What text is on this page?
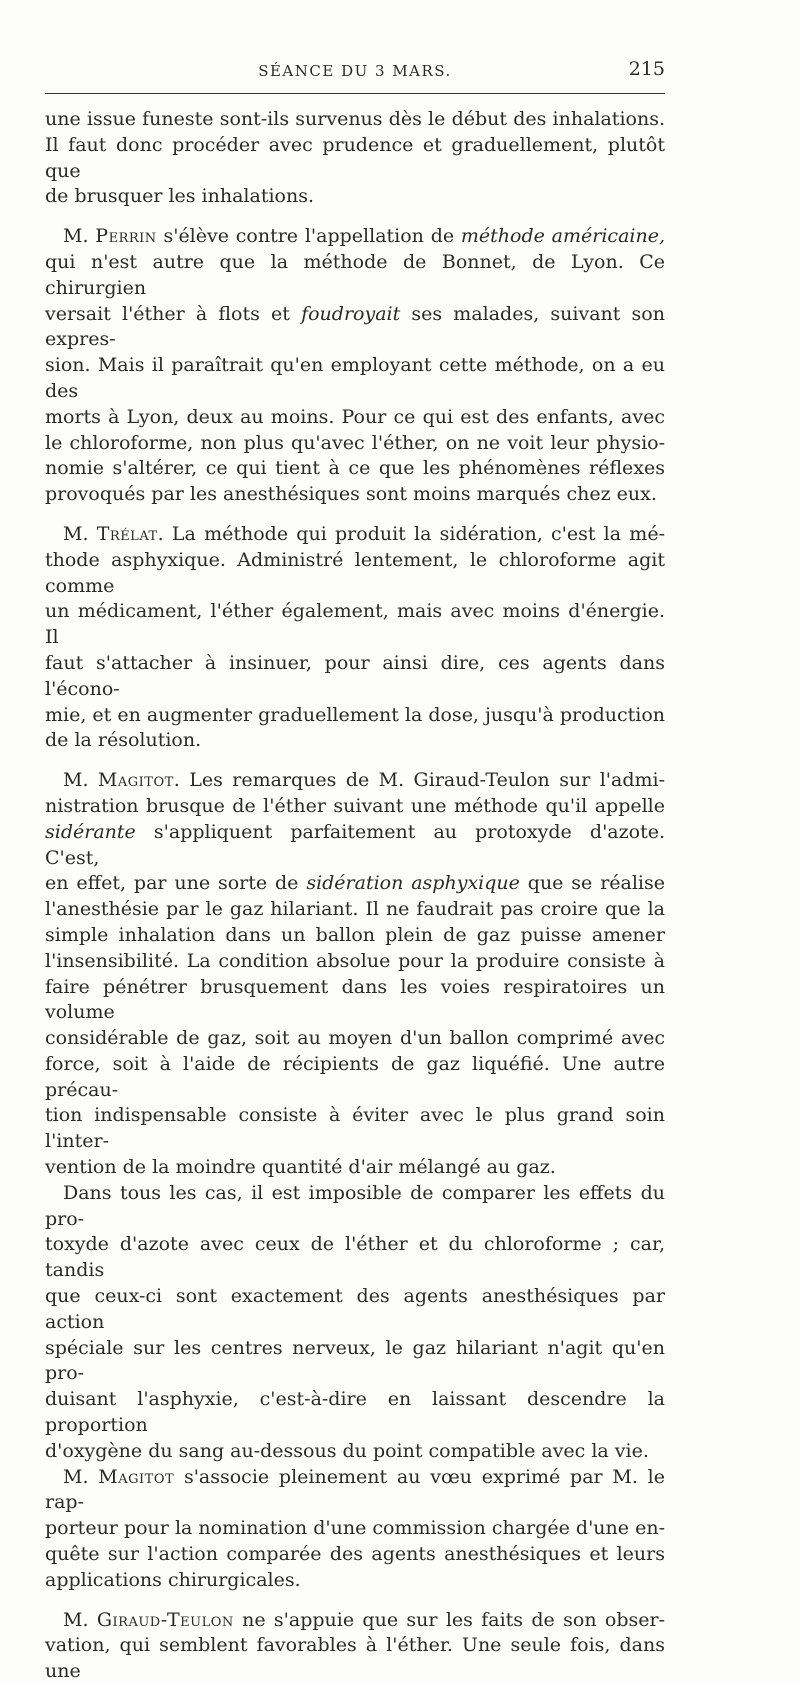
SÉANCE DU 3 MARS.	215

une issue funeste sont-ils survenus dès le début des inhalations.

Il faut donc procéder avec prudence et graduellement, plutôt que

de brusquer les inhalations.

M. Perrin s'élève contre l'appellation de méthode américaine,

qui n'est autre que la méthode de Bonnet, de Lyon. Ce chirurgien

versait l'éther à flots et foudroyait ses malades, suivant son expres-

sion. Mais il paraîtrait qu'en employant cette méthode, on a eu des

morts à Lyon, deux au moins. Pour ce qui est des enfants, avec

le chloroforme, non plus qu'avec l'éther, on ne voit leur physio-

nomie s'altérer, ce qui tient à ce que les phénomènes réflexes

provoqués par les anesthésiques sont moins marqués chez eux.

M. Trélat. La méthode qui produit la sidération, c'est la mé-

thode asphyxique. Administré lentement, le chloroforme agit comme

un médicament, l'éther également, mais avec moins d'énergie. Il

faut s'attacher à insinuer, pour ainsi dire, ces agents dans l'écono-

mie, et en augmenter graduellement la dose, jusqu'à production

de la résolution.

M. Magitot. Les remarques de M. Giraud-Teulon sur l'admi-

nistration brusque de l'éther suivant une méthode qu'il appelle

sidérante s'appliquent parfaitement au protoxyde d'azote. C'est,

en effet, par une sorte de sidération asphyxique que se réalise

l'anesthésie par le gaz hilariant. Il ne faudrait pas croire que la

simple inhalation dans un ballon plein de gaz puisse amener

l'insensibilité. La condition absolue pour la produire consiste à

faire pénétrer brusquement dans les voies respiratoires un volume

considérable de gaz, soit au moyen d'un ballon comprimé avec

force, soit à l'aide de récipients de gaz liquéfié. Une autre précau-

tion indispensable consiste à éviter avec le plus grand soin l'inter-

vention de la moindre quantité d'air mélangé au gaz.

Dans tous les cas, il est imposible de comparer les effets du pro-

toxyde d'azote avec ceux de l'éther et du chloroforme ; car, tandis

que ceux-ci sont exactement des agents anesthésiques par action

spéciale sur les centres nerveux, le gaz hilariant n'agit qu'en pro-

duisant l'asphyxie, c'est-à-dire en laissant descendre la proportion

d'oxygène du sang au-dessous du point compatible avec la vie.

M. Magitot s'associe pleinement au vœu exprimé par M. le rap-

porteur pour la nomination d'une commission chargée d'une en-

quête sur l'action comparée des agents anesthésiques et leurs

applications chirurgicales.

M. Giraud-Teulon ne s'appuie que sur les faits de son obser-

vation, qui semblent favorables à l'éther. Une seule fois, dans une
